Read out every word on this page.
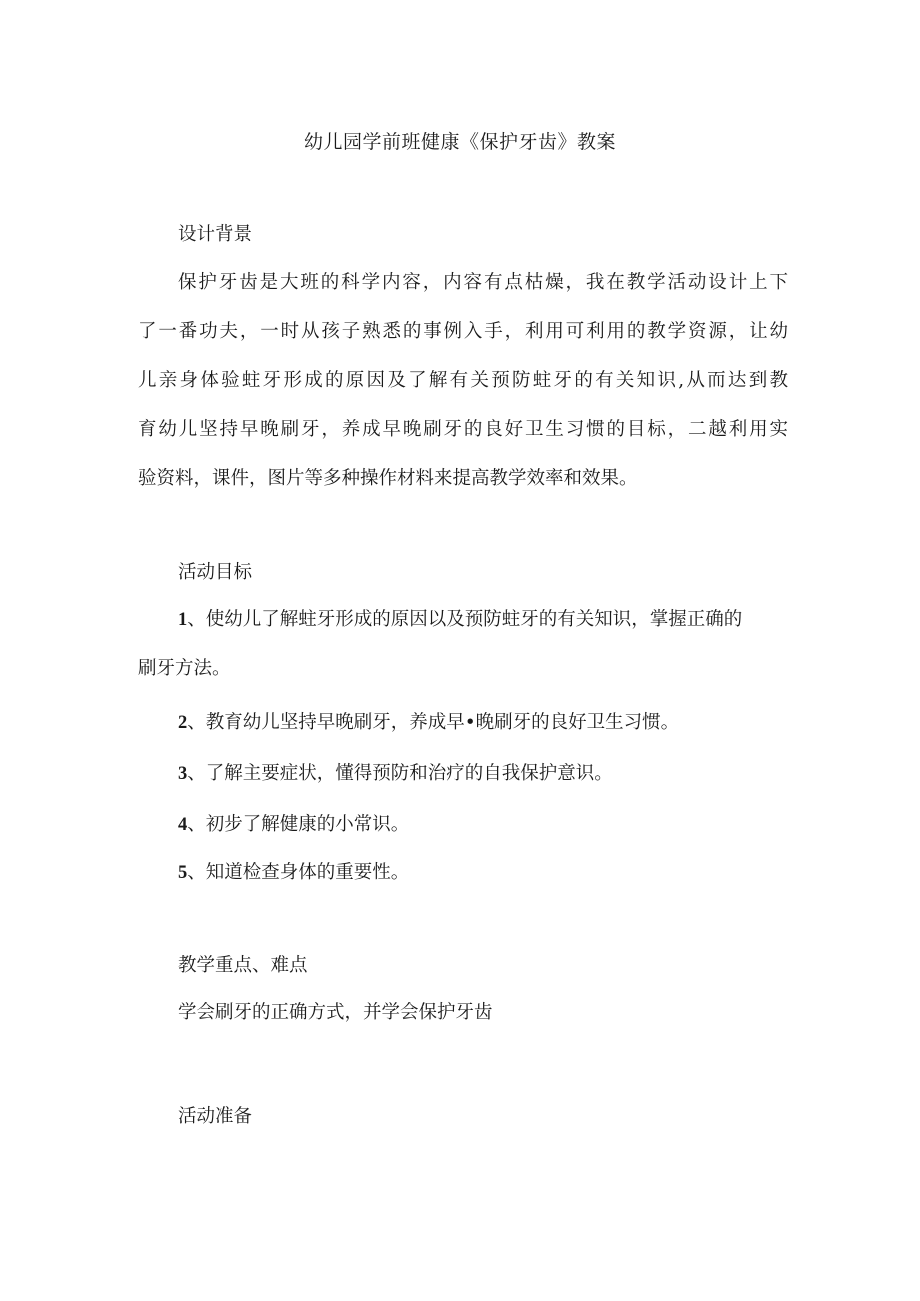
幼儿园学前班健康《保护牙齿》教案
设计背景
保护牙齿是大班的科学内容，内容有点枯燥，我在教学活动设计上下
了一番功夫，一时从孩子熟悉的事例入手，利用可利用的教学资源，让幼
儿亲身体验蛀牙形成的原因及了解有关预防蛀牙的有关知识,从而达到教
育幼儿坚持早晚刷牙，养成早晚刷牙的良好卫生习惯的目标，二越利用实
验资料，课件，图片等多种操作材料来提高教学效率和效果。
活动目标
1、使幼儿了解蛀牙形成的原因以及预防蛀牙的有关知识，掌握正确的
刷牙方法。
2、教育幼儿坚持早晚刷牙，养成早•晚刷牙的良好卫生习惯。
3、了解主要症状，懂得预防和治疗的自我保护意识。
4、初步了解健康的小常识。
5、知道检查身体的重要性。
教学重点、难点
学会刷牙的正确方式，并学会保护牙齿
活动准备
